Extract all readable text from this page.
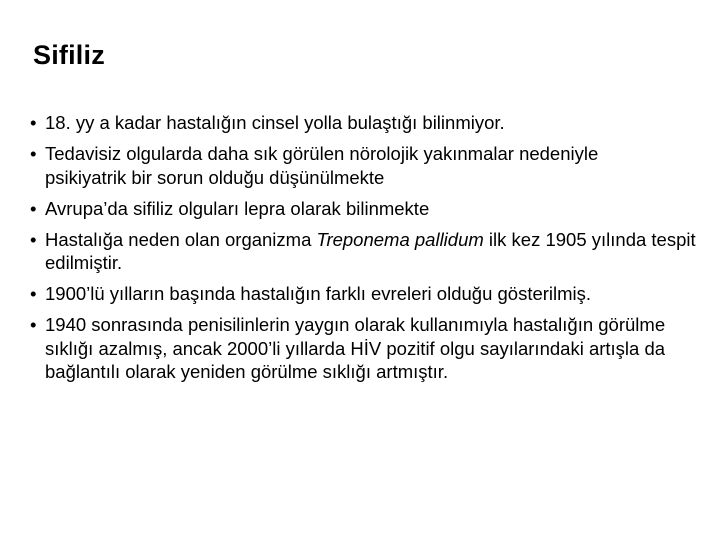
Sifiliz
• 18. yy a kadar hastalığın cinsel yolla bulaştığı bilinmiyor.
• Tedavisiz olgularda daha sık görülen nörolojik yakınmalar nedeniyle psikiyatrik bir sorun olduğu düşünülmekte
• Avrupa’da sifiliz olguları lepra olarak bilinmekte
• Hastalığa neden olan organizma Treponema pallidum ilk kez 1905 yılında tespit edilmiştir.
• 1900’lü yılların başında hastalığın farklı evreleri olduğu gösterilmiş.
• 1940 sonrasında penisilinlerin yaygın olarak kullanımıyla hastalığın görülme sıklığı azalmış, ancak 2000’li yıllarda HİV pozitif olgu sayılarındaki artışla da bağlantılı olarak yeniden görülme sıklığı artmıştır.
